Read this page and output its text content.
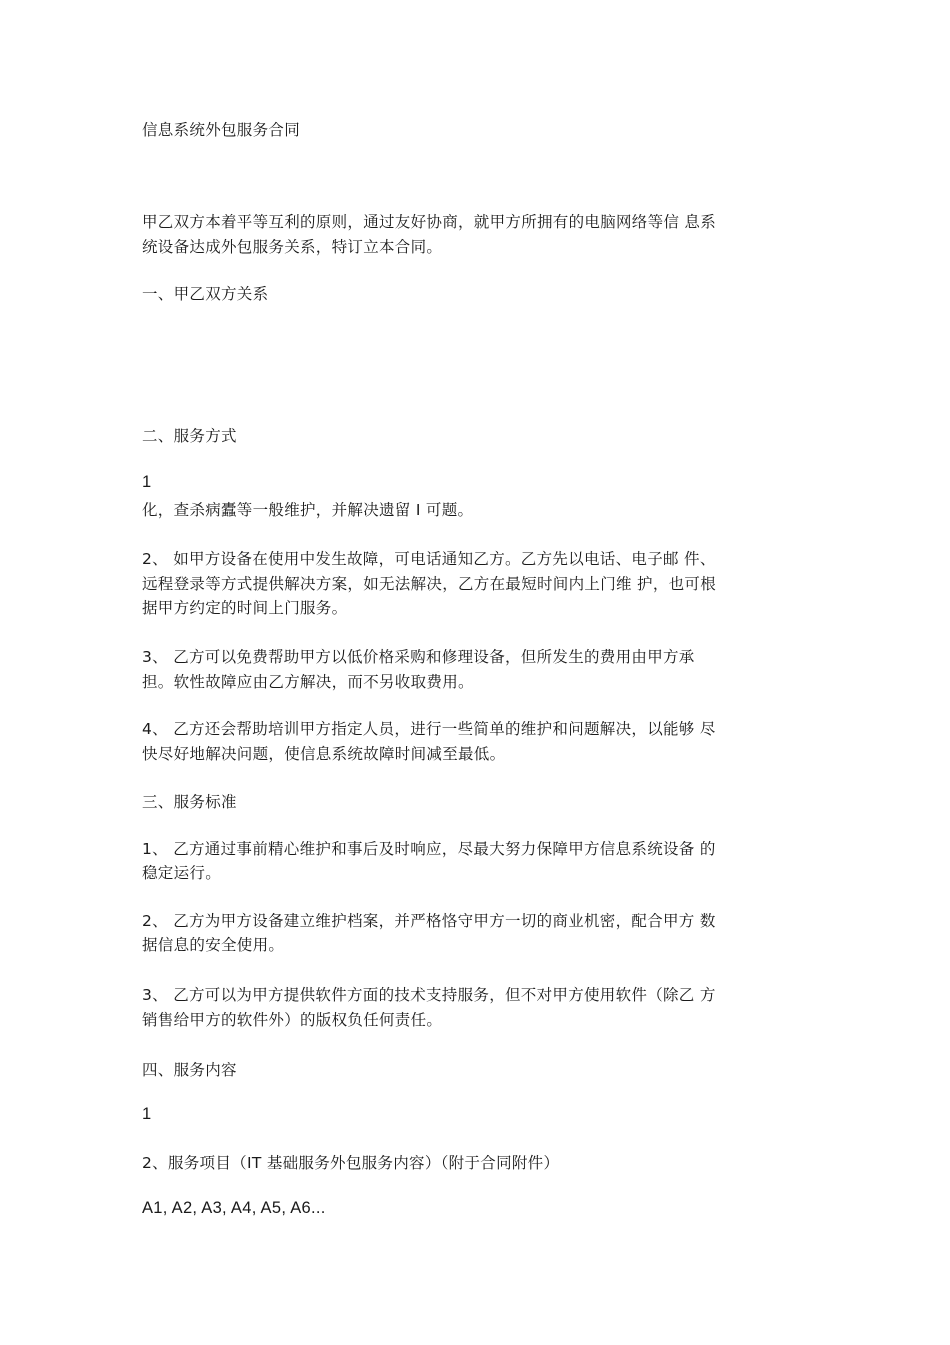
信息系统外包服务合同

甲乙双方本着平等互利的原则，通过友好协商，就甲方所拥有的电脑网络等信 息系

统设备达成外包服务关系，特订立本合同。

一、甲乙双方关系

二、服务方式

1

化，查杀病蠹等一般维护，并解决遗留 I 可题。

2、 如甲方设备在使用中发生故障，可电话通知乙方。乙方先以电话、电子邮 件、

远程登录等方式提供解决方案，如无法解决，乙方在最短时间内上门维 护，也可根

据甲方约定的时间上门服务。

3、 乙方可以免费帮助甲方以低价格采购和修理设备，但所发生的费用由甲方承

担。软性故障应由乙方解决，而不另收取费用。

4、 乙方还会帮助培训甲方指定人员，进行一些简单的维护和问题解决，以能够 尽

快尽好地解决问题，使信息系统故障时间减至最低。

三、服务标准

1、 乙方通过事前精心维护和事后及时响应，尽最大努力保障甲方信息系统设备 的

稳定运行。

2、 乙方为甲方设备建立维护档案，并严格恪守甲方一切的商业机密，配合甲方 数

据信息的安全使用。

3、 乙方可以为甲方提供软件方面的技术支持服务，但不对甲方使用软件（除乙 方

销售给甲方的软件外）的版权负任何责任。

四、服务内容

1

2、服务项目（IT 基础服务外包服务内容）（附于合同附件）

A1, A2, A3, A4, A5, A6...
